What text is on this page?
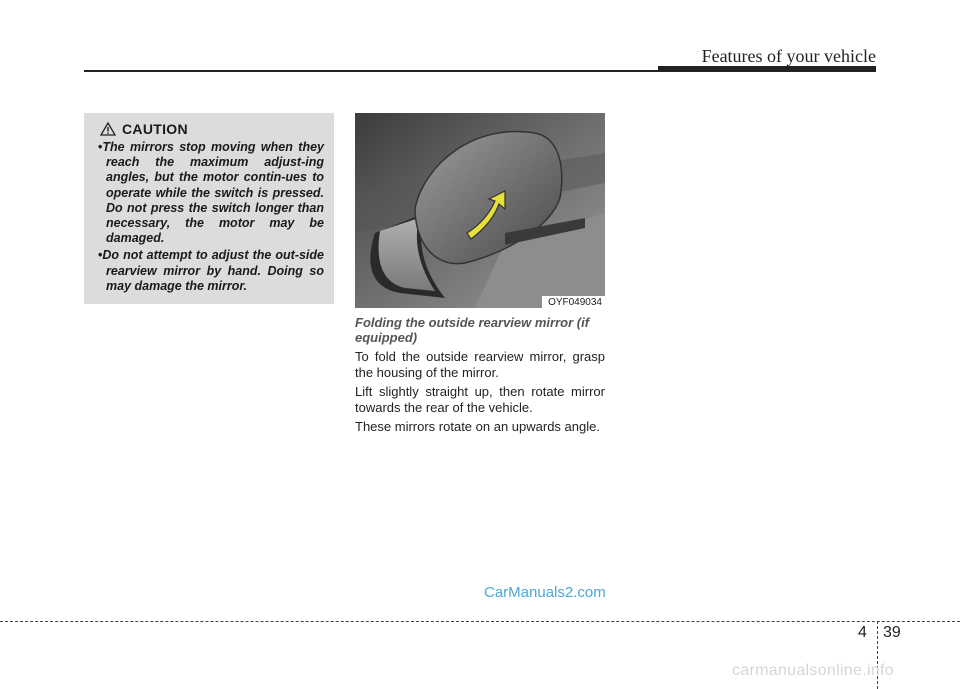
Features of your vehicle
CAUTION
• The mirrors stop moving when they reach the maximum adjust-ing angles, but the motor contin-ues to operate while the switch is pressed. Do not press the switch longer than necessary, the motor may be damaged.
• Do not attempt to adjust the out-side rearview mirror by hand. Doing so may damage the mirror.
OYF049034

Folding the outside rearview mirror (if equipped)

To fold the outside rearview mirror, grasp the housing of the mirror.

Lift slightly straight up, then rotate mirror towards the rear of the vehicle.

These mirrors rotate on an upwards angle.

CarManuals2.com
4 39
carmanualsonline.info
